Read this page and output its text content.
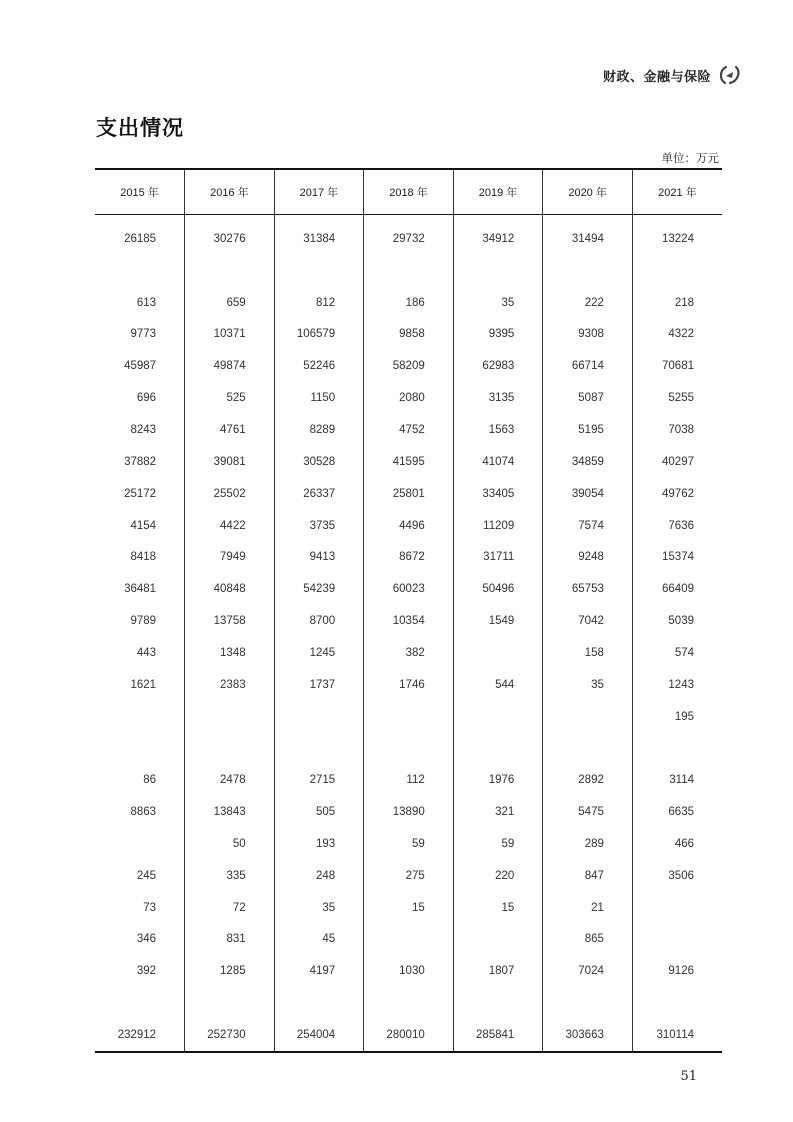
财政、金融与保险
支出情况
单位：万元
2015 年	2016 年	2017 年	2018 年	2019 年	2020 年	2021 年
26185	30276	31384	29732	34912	31494	13224

613	659	812	186	35	222	218
9773	10371	106579	9858	9395	9308	4322
45987	49874	52246	58209	62983	66714	70681
696	525	1150	2080	3135	5087	5255
8243	4761	8289	4752	1563	5195	7038
37882	39081	30528	41595	41074	34859	40297
25172	25502	26337	25801	33405	39054	49762
4154	4422	3735	4496	11209	7574	7636
8418	7949	9413	8672	31711	9248	15374
36481	40848	54239	60023	50496	65753	66409
9789	13758	8700	10354	1549	7042	5039
443	1348	1245	382		158	574
1621	2383	1737	1746	544	35	1243
						195

86	2478	2715	112	1976	2892	3114
8863	13843	505	13890	321	5475	6635
	50	193	59	59	289	466
245	335	248	275	220	847	3506
73	72	35	15	15	21	
346	831	45			865	
392	1285	4197	1030	1807	7024	9126

232912	252730	254004	280010	285841	303663	310114
51
